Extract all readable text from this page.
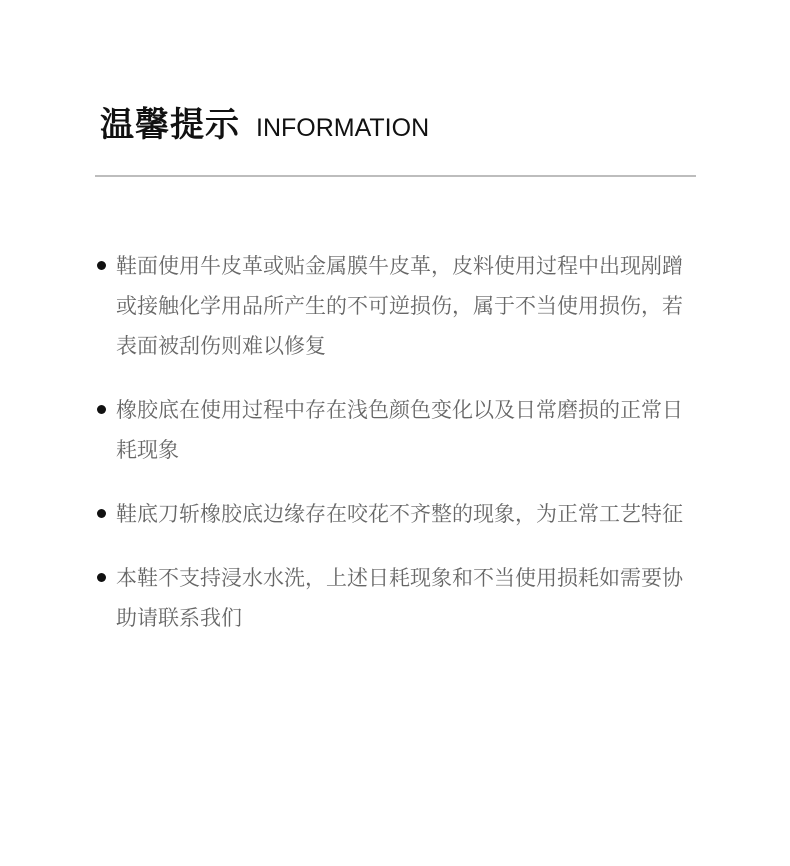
温馨提示 INFORMATION
鞋面使用牛皮革或贴金属膜牛皮革，皮料使用过程中出现剐蹭或接触化学用品所产生的不可逆损伤，属于不当使用损伤，若表面被刮伤则难以修复
橡胶底在使用过程中存在浅色颜色变化以及日常磨损的正常日耗现象
鞋底刀斩橡胶底边缘存在咬花不齐整的现象，为正常工艺特征
本鞋不支持浸水水洗，上述日耗现象和不当使用损耗如需要协助请联系我们
